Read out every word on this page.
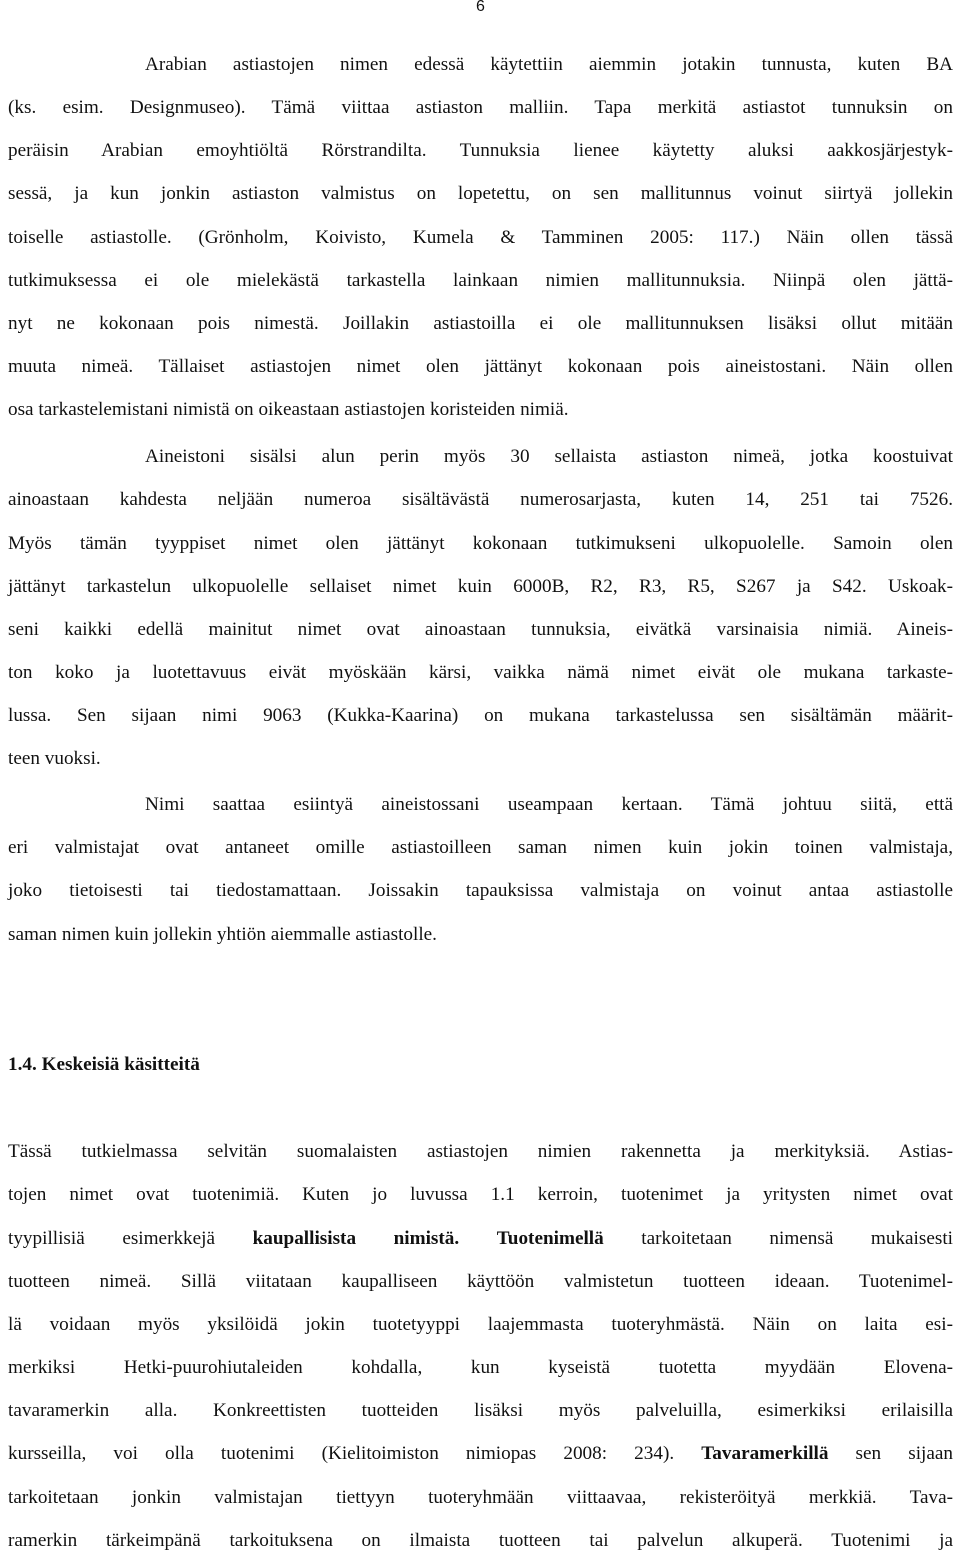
6
Arabian astiastojen nimen edessä käytettiin aiemmin jotakin tunnusta, kuten BA
(ks. esim. Designmuseo). Tämä viittaa astiaston malliin. Tapa merkitä astiastot tunnuksin on
peräisin Arabian emoyhtiöltä Rörstrandilta. Tunnuksia lienee käytetty aluksi aakkosjärjestyk-
sessä, ja kun jonkin astiaston valmistus on lopetettu, on sen mallitunnus voinut siirtyä jollekin
toiselle astiastolle. (Grönholm, Koivisto, Kumela & Tamminen 2005: 117.) Näin ollen tässä
tutkimuksessa ei ole mielekästä tarkastella lainkaan nimien mallitunnuksia. Niinpä olen jättä-
nyt ne kokonaan pois nimestä. Joillakin astiastoilla ei ole mallitunnuksen lisäksi ollut mitään
muuta nimeä. Tällaiset astiastojen nimet olen jättänyt kokonaan pois aineistostani. Näin ollen
osa tarkastelemistani nimistä on oikeastaan astiastojen koristeiden nimiä.
Aineistoni sisälsi alun perin myös 30 sellaista astiaston nimeä, jotka koostuivat
ainoastaan kahdesta neljään numeroa sisältävästä numerosarjasta, kuten 14, 251 tai 7526.
Myös tämän tyyppiset nimet olen jättänyt kokonaan tutkimukseni ulkopuolelle. Samoin olen
jättänyt tarkastelun ulkopuolelle sellaiset nimet kuin 6000B, R2, R3, R5, S267 ja S42. Uskoak-
seni kaikki edellä mainitut nimet ovat ainoastaan tunnuksia, eivätkä varsinaisia nimiä. Aineis-
ton koko ja luotettavuus eivät myöskään kärsi, vaikka nämä nimet eivät ole mukana tarkaste-
lussa. Sen sijaan nimi 9063 (Kukka-Kaarina) on mukana tarkastelussa sen sisältämän määrit-
teen vuoksi.
Nimi saattaa esiintyä aineistossani useampaan kertaan. Tämä johtuu siitä, että
eri valmistajat ovat antaneet omille astiastoilleen saman nimen kuin jokin toinen valmistaja,
joko tietoisesti tai tiedostamattaan. Joissakin tapauksissa valmistaja on voinut antaa astiastolle
saman nimen kuin jollekin yhtiön aiemmalle astiastolle.
1.4. Keskeisiä käsitteitä
Tässä tutkielmassa selvitän suomalaisten astiastojen nimien rakennetta ja merkityksiä. Astias-
tojen nimet ovat tuotenimiä. Kuten jo luvussa 1.1 kerroin, tuotenimet ja yritysten nimet ovat
tyypillisiä esimerkkejä kaupallisista nimistä. Tuotenimellä tarkoitetaan nimensä mukaisesti
tuotteen nimeä. Sillä viitataan kaupalliseen käyttöön valmistetun tuotteen ideaan. Tuotenimel-
lä voidaan myös yksilöidä jokin tuotetyyppi laajemmasta tuoteryhmästä. Näin on laita esi-
merkiksi Hetki-puurohiutaleiden kohdalla, kun kyseistä tuotetta myydään Elovena-
tavaramerkin alla. Konkreettisten tuotteiden lisäksi myös palveluilla, esimerkiksi erilaisilla
kursseilla, voi olla tuotenimi (Kielitoimiston nimiopas 2008: 234). Tavaramerkillä sen sijaan
tarkoitetaan jonkin valmistajan tiettyyn tuoteryhmään viittaavaa, rekisteröityä merkkiä. Tava-
ramerkin tärkeimpänä tarkoituksena on ilmaista tuotteen tai palvelun alkuperä. Tuotenimi ja
